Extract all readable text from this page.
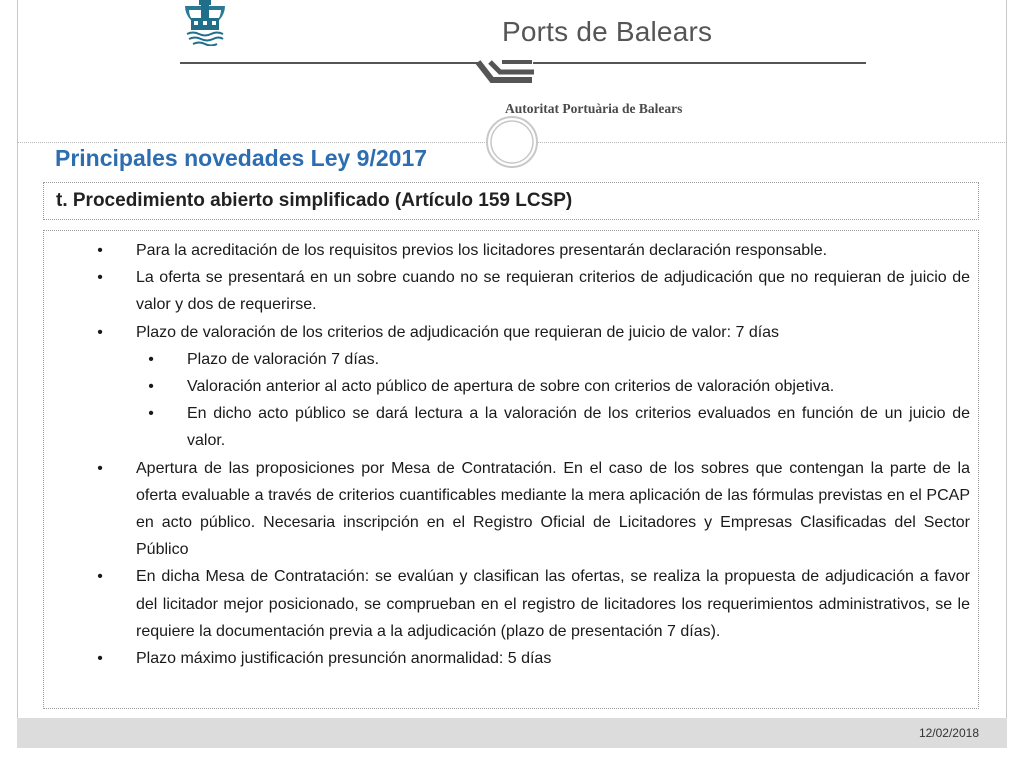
Ports de Balears
Autoritat Portuària de Balears
Principales novedades Ley 9/2017
t. Procedimiento abierto simplificado (Artículo 159 LCSP)
• Para la acreditación de los requisitos previos los licitadores presentarán declaración responsable.
• La oferta se presentará en un sobre cuando no se requieran criterios de adjudicación que no requieran de juicio de valor y dos de requerirse.
• Plazo de valoración de los criterios de adjudicación que requieran de juicio de valor: 7 días
• Plazo de valoración 7 días.
• Valoración anterior al acto público de apertura de sobre con criterios de valoración objetiva.
• En dicho acto público se dará lectura a la valoración de los criterios evaluados en función de un juicio de valor.
• Apertura de las proposiciones por Mesa de Contratación. En el caso de los sobres que contengan la parte de la oferta evaluable a través de criterios cuantificables mediante la mera aplicación de las fórmulas previstas en el PCAP en acto público. Necesaria inscripción en el Registro Oficial de Licitadores y Empresas Clasificadas del Sector Público
• En dicha Mesa de Contratación: se evalúan y clasifican las ofertas, se realiza la propuesta de adjudicación a favor del licitador mejor posicionado, se comprueban en el registro de licitadores los requerimientos administrativos, se le requiere la documentación previa a la adjudicación (plazo de presentación 7 días).
• Plazo máximo justificación presunción anormalidad: 5 días
12/02/2018
